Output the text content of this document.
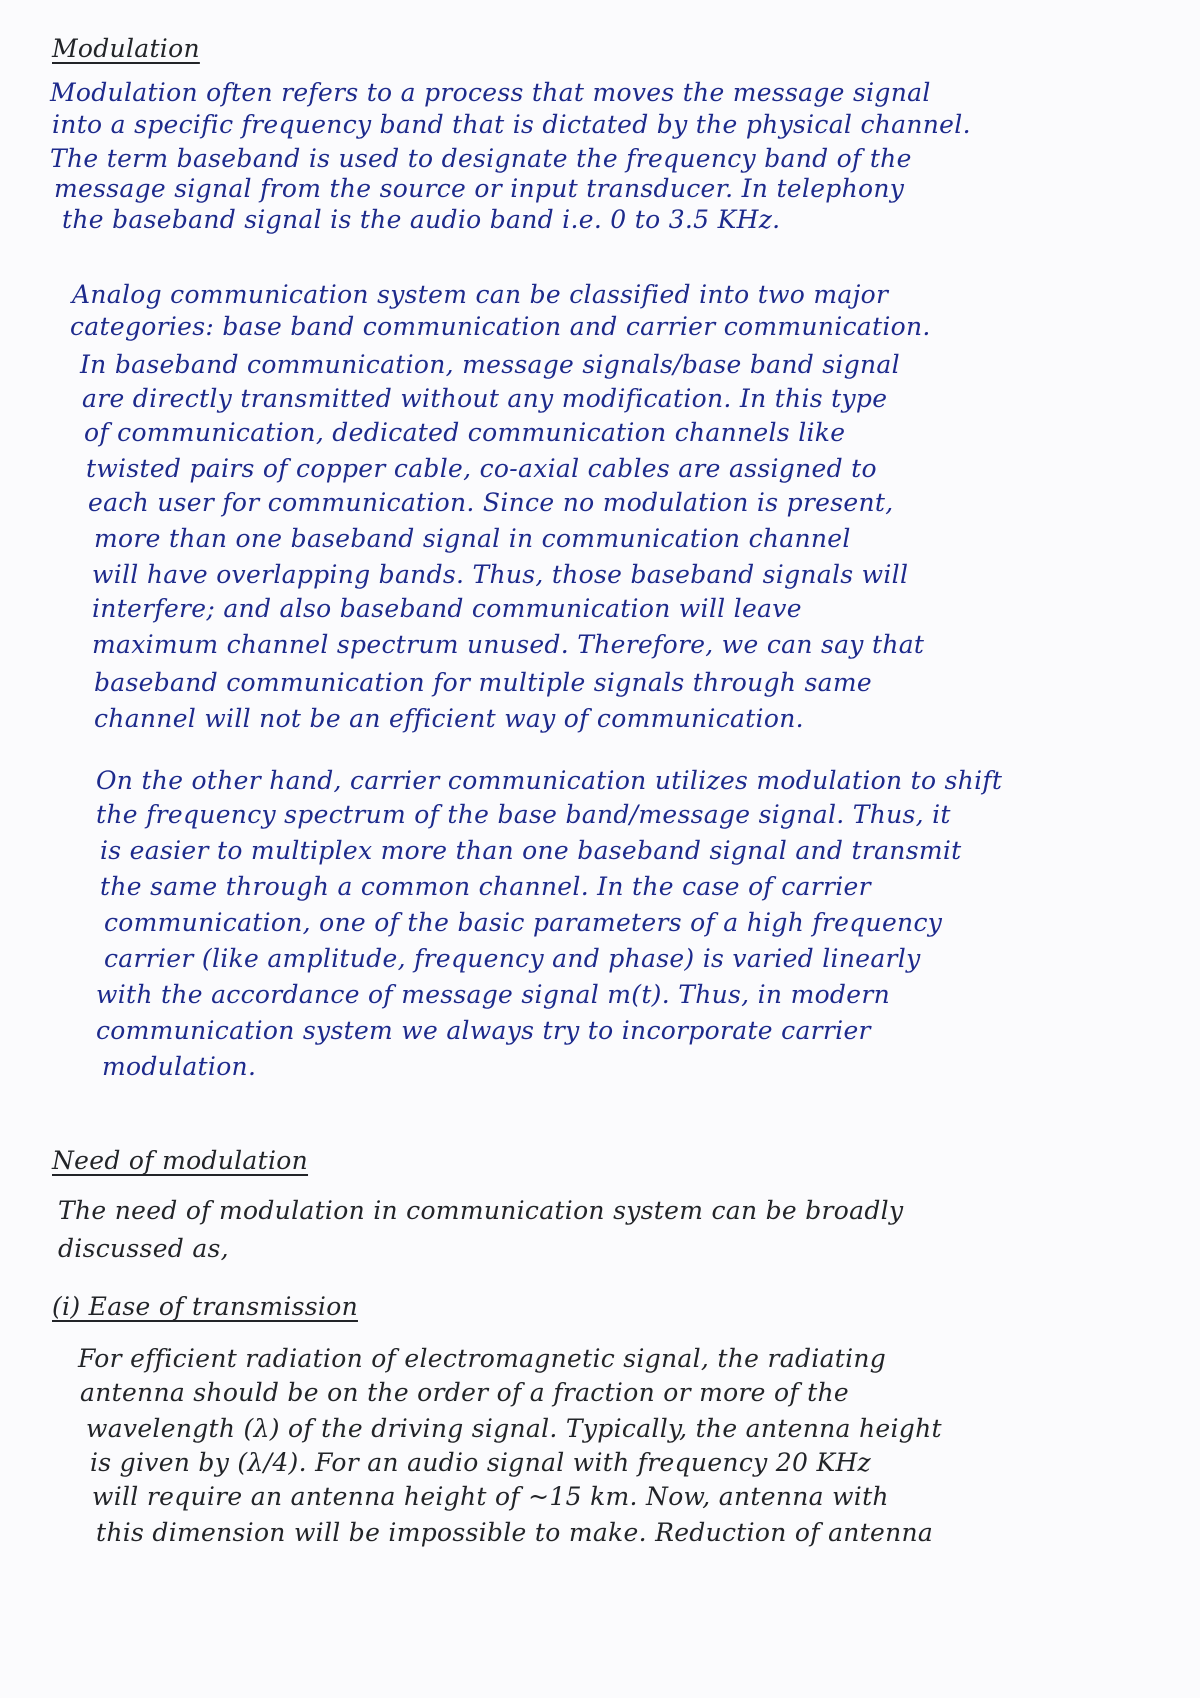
Modulation
Modulation often refers to a process that moves the message signal
into a specific frequency band that is dictated by the physical channel.
The term baseband is used to designate the frequency band of the
message signal from the source or input transducer. In telephony
the baseband signal is the audio band i.e. 0 to 3.5 KHz.
Analog communication system can be classified into two major
categories: base band communication and carrier communication.
In baseband communication, message signals/base band signal
are directly transmitted without any modification. In this type
of communication, dedicated communication channels like
twisted pairs of copper cable, co-axial cables are assigned to
each user for communication. Since no modulation is present,
more than one baseband signal in communication channel
will have overlapping bands. Thus, those baseband signals will
interfere; and also baseband communication will leave
maximum channel spectrum unused. Therefore, we can say that
baseband communication for multiple signals through same
channel will not be an efficient way of communication.
On the other hand, carrier communication utilizes modulation to shift
the frequency spectrum of the base band/message signal. Thus, it
is easier to multiplex more than one baseband signal and transmit
the same through a common channel. In the case of carrier
communication, one of the basic parameters of a high frequency
carrier (like amplitude, frequency and phase) is varied linearly
with the accordance of message signal m(t). Thus, in modern
communication system we always try to incorporate carrier
modulation.
Need of modulation
The need of modulation in communication system can be broadly
discussed as,
(i) Ease of transmission
For efficient radiation of electromagnetic signal, the radiating
antenna should be on the order of a fraction or more of the
wavelength (λ) of the driving signal. Typically, the antenna height
is given by (λ/4). For an audio signal with frequency 20 KHz
will require an antenna height of ~15 km. Now, antenna with
this dimension will be impossible to make. Reduction of antenna
